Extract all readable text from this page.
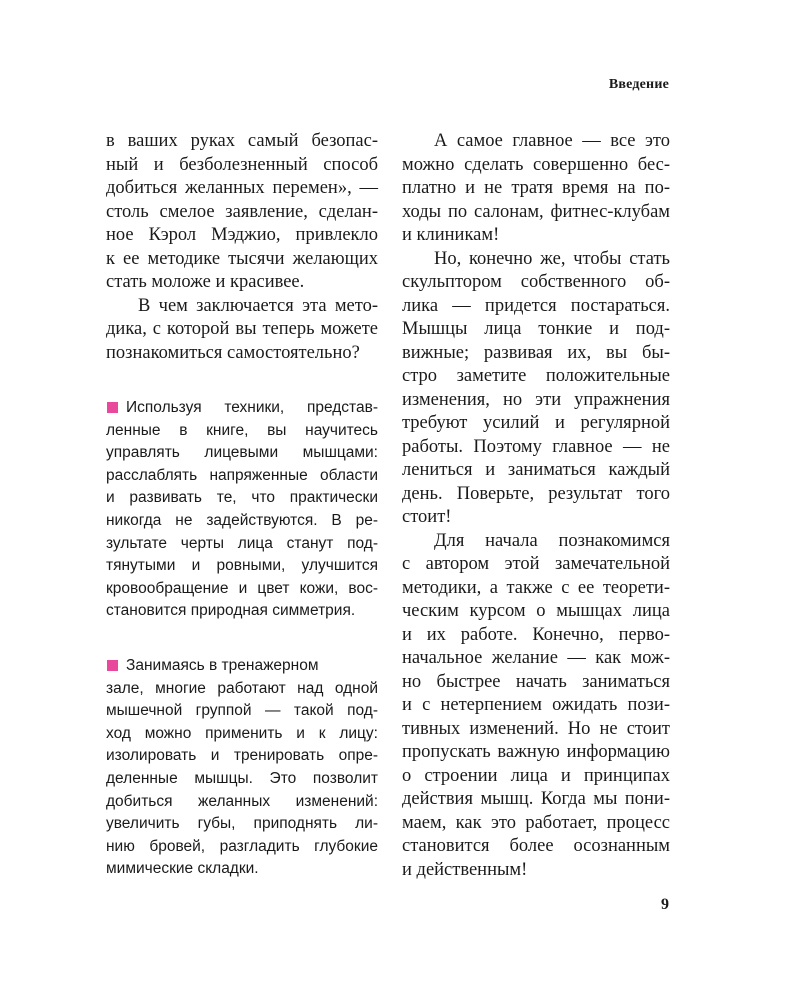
Введение
в ваших руках самый безопас-
ный и безболезненный способ
добиться желанных перемен», —
столь смелое заявление, сделан-
ное Кэрол Мэджио, привлекло
к ее методике тысячи желающих
стать моложе и красивее.
В чем заключается эта мето-
дика, с которой вы теперь можете
познакомиться самостоятельно?
Используя техники, представ-
ленные в книге, вы научитесь
управлять лицевыми мышцами:
расслаблять напряженные области
и развивать те, что практически
никогда не задействуются. В ре-
зультате черты лица станут под-
тянутыми и ровными, улучшится
кровообращение и цвет кожи, вос-
становится природная симметрия.
Занимаясь в тренажерном
зале, многие работают над одной
мышечной группой — такой под-
ход можно применить и к лицу:
изолировать и тренировать опре-
деленные мышцы. Это позволит
добиться желанных изменений:
увеличить губы, приподнять ли-
нию бровей, разгладить глубокие
мимические складки.
А самое главное — все это
можно сделать совершенно бес-
платно и не тратя время на по-
ходы по салонам, фитнес-клубам
и клиникам!
Но, конечно же, чтобы стать
скульптором собственного об-
лика — придется постараться.
Мышцы лица тонкие и под-
вижные; развивая их, вы бы-
стро заметите положительные
изменения, но эти упражнения
требуют усилий и регулярной
работы. Поэтому главное — не
лениться и заниматься каждый
день. Поверьте, результат того
стоит!
Для начала познакомимся
с автором этой замечательной
методики, а также с ее теорети-
ческим курсом о мышцах лица
и их работе. Конечно, перво-
начальное желание — как мож-
но быстрее начать заниматься
и с нетерпением ожидать пози-
тивных изменений. Но не стоит
пропускать важную информацию
о строении лица и принципах
действия мышц. Когда мы пони-
маем, как это работает, процесс
становится более осознанным
и действенным!
9
